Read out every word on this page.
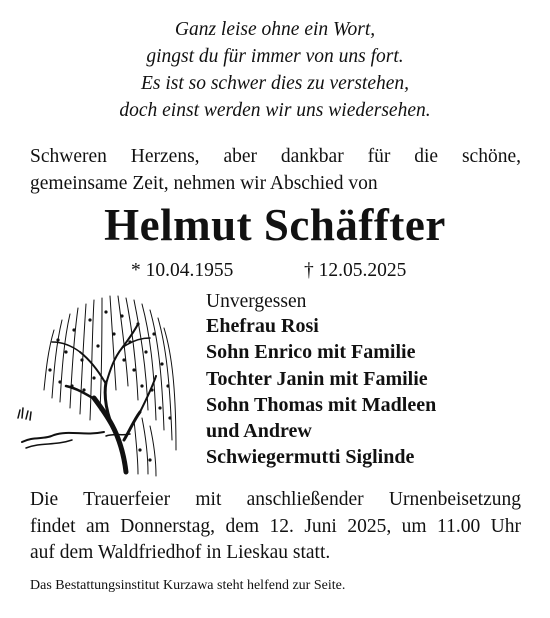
Ganz leise ohne ein Wort,
gingst du für immer von uns fort.
Es ist so schwer dies zu verstehen,
doch einst werden wir uns wiedersehen.
Schweren Herzens, aber dankbar für die schöne,
gemeinsame Zeit, nehmen wir Abschied von
Helmut Schäffter
* 10.04.1955	† 12.05.2025
Unvergessen
Ehefrau Rosi
Sohn Enrico mit Familie
Tochter Janin mit Familie
Sohn Thomas mit Madleen
und Andrew
Schwiegermutti Siglinde
Die Trauerfeier mit anschließender Urnenbeisetzung
findet am Donnerstag, dem 12. Juni 2025, um 11.00 Uhr
auf dem Waldfriedhof in Lieskau statt.
Das Bestattungsinstitut Kurzawa steht helfend zur Seite.
